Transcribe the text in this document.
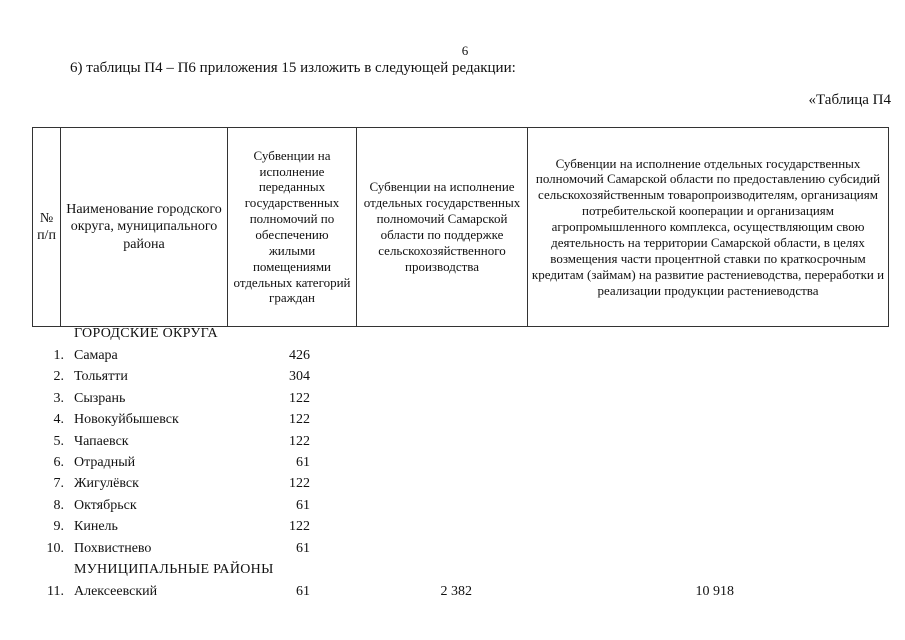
6
6) таблицы П4 – П6 приложения 15 изложить в следующей редакции:
«Таблица П4
№ п/п	Наименование городского округа, муниципального района	Субвенции на исполнение переданных государственных полномочий по обеспечению жилыми помещениями отдельных категорий граждан	Субвенции на исполнение отдельных государственных полномочий Самарской области по поддержке сельскохозяйственного производства	Субвенции на исполнение отдельных государственных полномочий Самарской области по предоставлению субсидий сельскохозяйственным товаропроизводителям, организациям потребительской кооперации и организациям агропромышленного комплекса, осуществляющим свою деятельность на территории Самарской области, в целях возмещения части процентной ставки по краткосрочным кредитам (займам) на развитие растениеводства, переработки и реализации продукции растениеводства
ГОРОДСКИЕ ОКРУГА
1. Самара	426
2. Тольятти	304
3. Сызрань	122
4. Новокуйбышевск	122
5. Чапаевск	122
6. Отрадный	61
7. Жигулёвск	122
8. Октябрьск	61
9. Кинель	122
10. Похвистнево	61
МУНИЦИПАЛЬНЫЕ РАЙОНЫ
11. Алексеевский	61	2 382	10 918
